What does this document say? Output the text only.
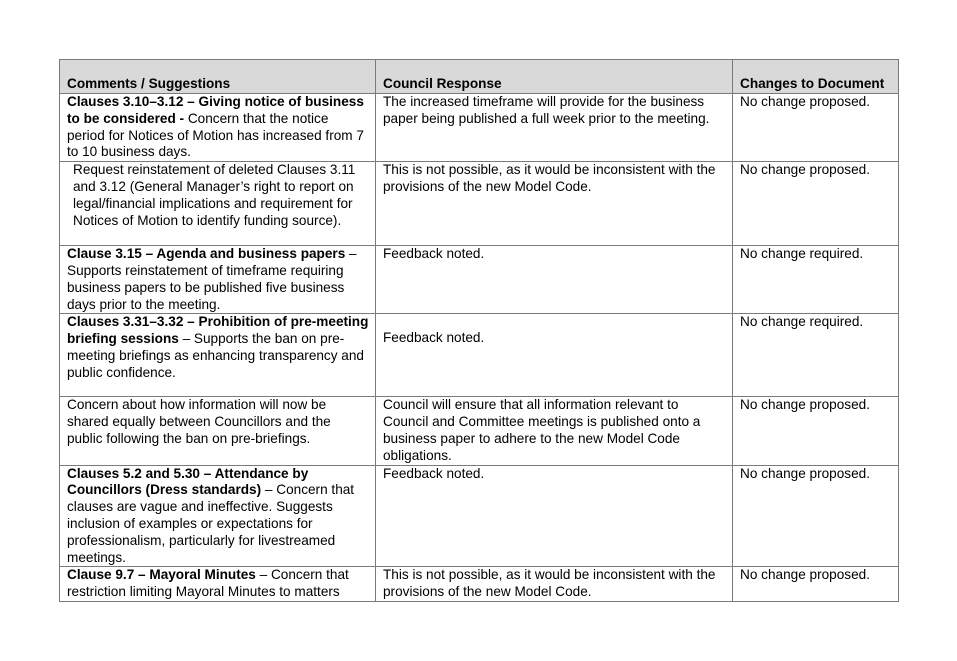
Comments / Suggestions	Council Response	Changes to Document
Clauses 3.10–3.12 – Giving notice of business to be considered - Concern that the notice period for Notices of Motion has increased from 7 to 10 business days.	The increased timeframe will provide for the business paper being published a full week prior to the meeting.	No change proposed.
Request reinstatement of deleted Clauses 3.11 and 3.12 (General Manager’s right to report on legal/financial implications and requirement for Notices of Motion to identify funding source).	This is not possible, as it would be inconsistent with the provisions of the new Model Code.	No change proposed.
Clause 3.15 – Agenda and business papers – Supports reinstatement of timeframe requiring business papers to be published five business days prior to the meeting.	Feedback noted.	No change required.
Clauses 3.31–3.32 – Prohibition of pre-meeting briefing sessions – Supports the ban on pre-meeting briefings as enhancing transparency and public confidence.	Feedback noted.	No change required.
Concern about how information will now be shared equally between Councillors and the public following the ban on pre-briefings.	Council will ensure that all information relevant to Council and Committee meetings is published onto a business paper to adhere to the new Model Code obligations.	No change proposed.
Clauses 5.2 and 5.30 – Attendance by Councillors (Dress standards) – Concern that clauses are vague and ineffective. Suggests inclusion of examples or expectations for professionalism, particularly for livestreamed meetings.	Feedback noted.	No change proposed.
Clause 9.7 – Mayoral Minutes – Concern that restriction limiting Mayoral Minutes to matters	This is not possible, as it would be inconsistent with the provisions of the new Model Code.	No change proposed.
